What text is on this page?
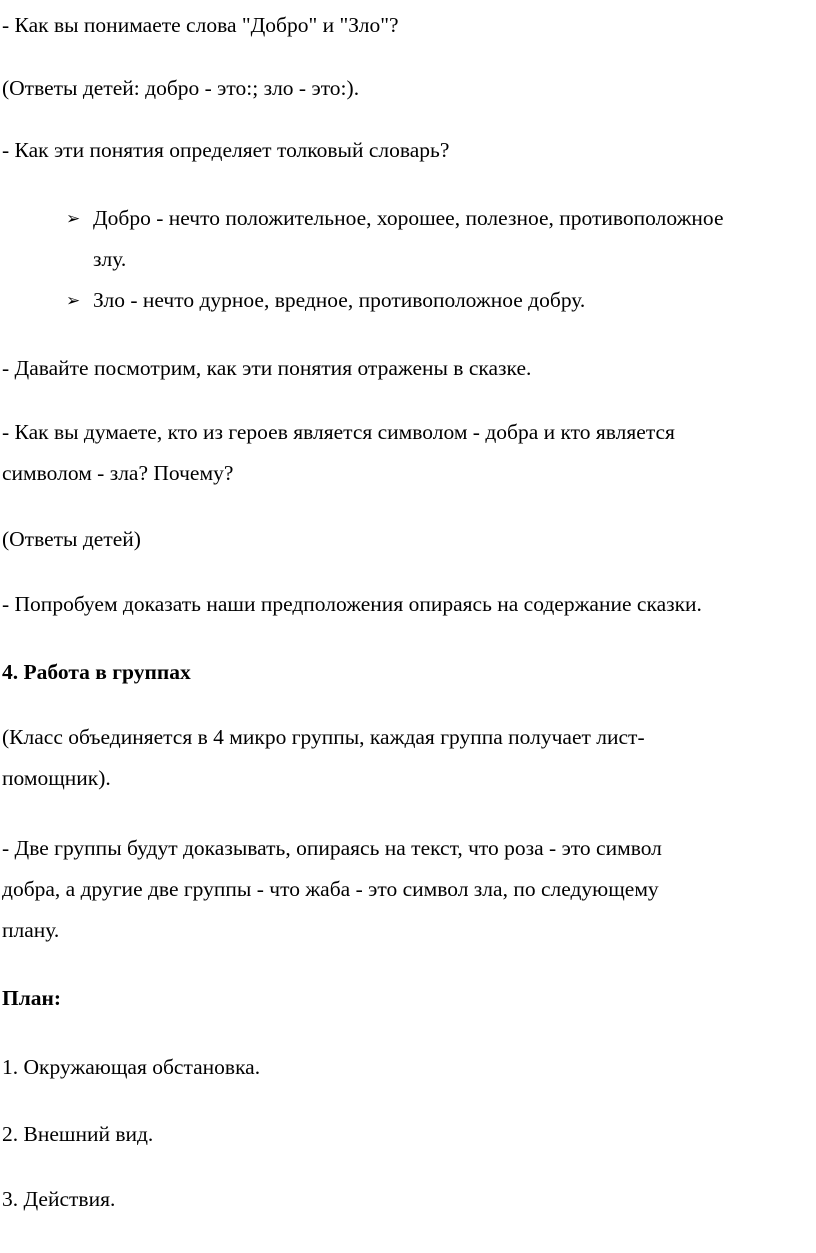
- Как вы понимаете слова "Добро" и "Зло"?
(Ответы детей: добро - это:; зло - это:).
- Как эти понятия определяет толковый словарь?
➢ Добро - нечто положительное, хорошее, полезное, противоположное
злу.
➢ Зло - нечто дурное, вредное, противоположное добру.
- Давайте посмотрим, как эти понятия отражены в сказке.
- Как вы думаете, кто из героев является символом - добра и кто является
символом - зла? Почему?
(Ответы детей)
- Попробуем доказать наши предположения опираясь на содержание сказки.
4. Работа в группах
(Класс объединяется в 4 микро группы, каждая группа получает лист-
помощник).
- Две группы будут доказывать, опираясь на текст, что роза - это символ
добра, а другие две группы - что жаба - это символ зла, по следующему
плану.
План:
1. Окружающая обстановка.
2. Внешний вид.
3. Действия.
